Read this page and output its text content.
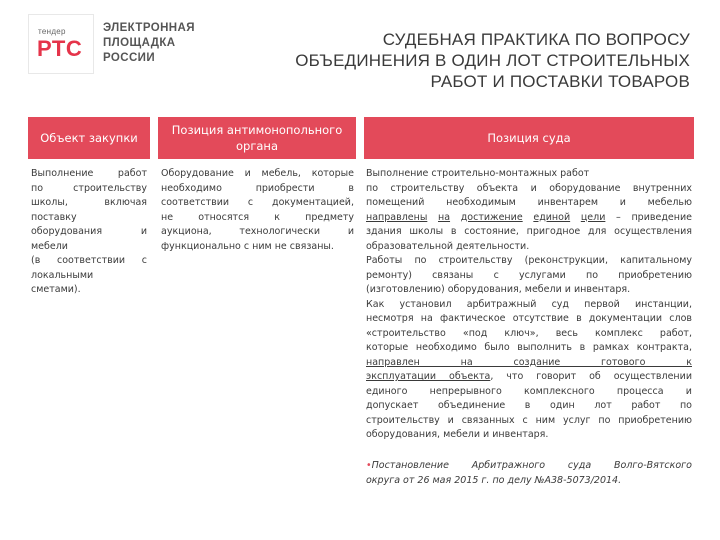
тендер
РТС
ЭЛЕКТРОННАЯ
ПЛОЩАДКА
РОССИИ
СУДЕБНАЯ ПРАКТИКА ПО ВОПРОСУ
ОБЪЕДИНЕНИЯ В ОДИН ЛОТ СТРОИТЕЛЬНЫХ
РАБОТ И ПОСТАВКИ ТОВАРОВ
Объект закупки
Позиция антимонопольного органа
Позиция суда
Выполнение работ
по строительству
школы, включая
поставку
оборудования и
мебели
(в соответствии с
локальными
сметами).
Оборудование и мебель, которые
необходимо приобрести в
соответствии с документацией,
не относятся к предмету
аукциона, технологически и
функционально с ним не связаны.
Выполнение строительно-монтажных работ
по строительству объекта и оборудование внутренних
помещений необходимым инвентарем и мебелью
направлены на достижение единой цели – приведение
здания школы в состояние, пригодное для осуществления
образовательной деятельности.
Работы по строительству (реконструкции, капитальному
ремонту) связаны с услугами по приобретению
(изготовлению) оборудования, мебели и инвентаря.
Как установил арбитражный суд первой инстанции,
несмотря на фактическое отсутствие в документации слов
«строительство «под ключ», весь комплекс работ,
которые необходимо было выполнить в рамках контракта,
направлен на создание готового к
эксплуатации объекта, что говорит об осуществлении
единого непрерывного комплексного процесса и
допускает объединение в один лот работ по
строительству и связанных с ним услуг по приобретению
оборудования, мебели и инвентаря.
•Постановление Арбитражного суда Волго-Вятского
округа от 26 мая 2015 г. по делу №А38-5073/2014.
